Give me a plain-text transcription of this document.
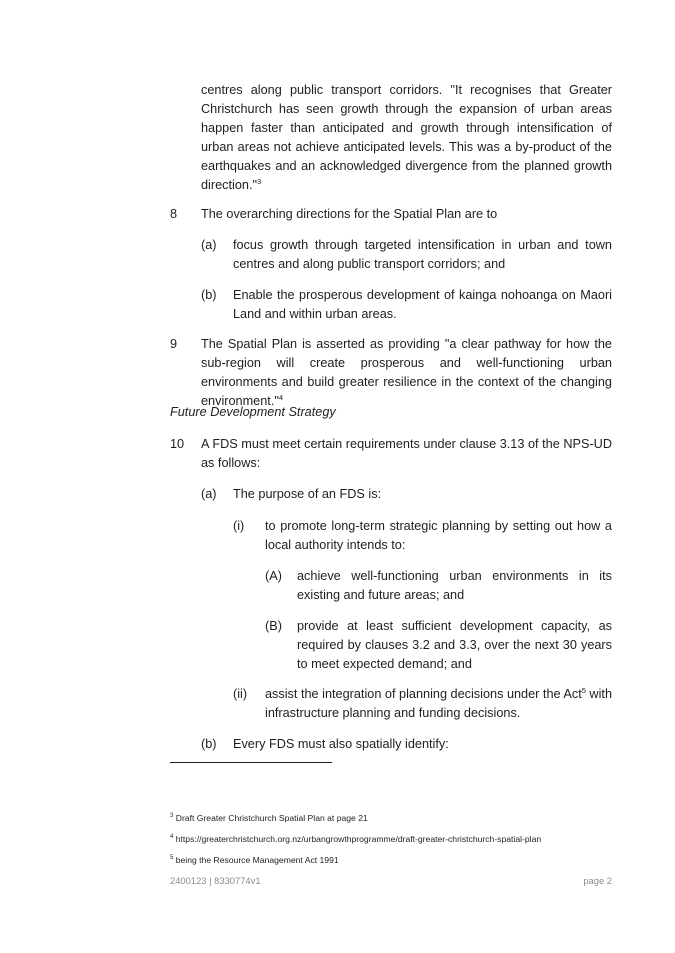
centres along public transport corridors. "It recognises that Greater Christchurch has seen growth through the expansion of urban areas happen faster than anticipated and growth through intensification of urban areas not achieve anticipated levels. This was a by-product of the earthquakes and an acknowledged divergence from the planned growth direction."$^3$

8	The overarching directions for the Spatial Plan are to
(a)	focus growth through targeted intensification in urban and town centres and along public transport corridors; and
(b)	Enable the prosperous development of kainga nohoanga on Maori Land and within urban areas.
9	The Spatial Plan is asserted as providing "a clear pathway for how the sub-region will create prosperous and well-functioning urban environments and build greater resilience in the context of the changing environment."$^4$
Future Development Strategy
10	A FDS must meet certain requirements under clause 3.13 of the NPS-UD as follows:
(a)	The purpose of an FDS is:
(i)	to promote long-term strategic planning by setting out how a local authority intends to:
(A)	achieve well-functioning urban environments in its existing and future areas; and
(B)	provide at least sufficient development capacity, as required by clauses 3.2 and 3.3, over the next 30 years to meet expected demand; and
(ii)	assist the integration of planning decisions under the Act$^5$ with infrastructure planning and funding decisions.
(b)	Every FDS must also spatially identify:
$^3$ Draft Greater Christchurch Spatial Plan at page 21
$^4$ https://greaterchristchurch.org.nz/urbangrowthprogramme/draft-greater-christchurch-spatial-plan
$^5$ being the Resource Management Act 1991
2400123 | 8330774v1	page 2
